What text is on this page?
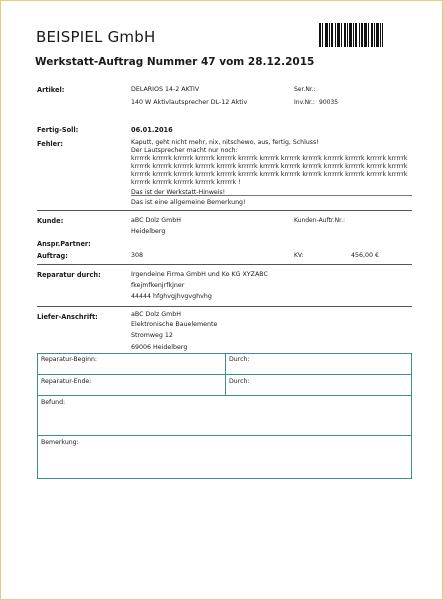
BEISPIEL GmbH
Werkstatt-Auftrag Nummer 47 vom 28.12.2015
Artikel:	DELARIOS 14-2 AKTIV
140 W Aktivlautsprecher DL-12 Aktiv
Ser.Nr.:
Inv.Nr.: 90035
Fertig-Soll:	06.01.2016
Fehler:	Kaputt, geht nicht mehr, nix, nitschewo, aus, fertig, Schluss!
Der Lautsprecher macht nur noch:
krrrrrk krrrrrk krrrrrk krrrrrk krrrrrk krrrrrk krrrrrk krrrrrk krrrrrk krrrrrk krrrrrk krrrrrk krrrrrk
krrrrrk krrrrrk krrrrrk krrrrrk krrrrrk krrrrrk krrrrrk krrrrrk krrrrrk krrrrrk krrrrrk krrrrrk krrrrrk
krrrrrk krrrrrk krrrrrk krrrrrk krrrrrk krrrrrk krrrrrk krrrrrk krrrrrk krrrrrk krrrrrk krrrrrk krrrrrk
krrrrrk krrrrrk krrrrrk krrrrrk krrrrrk !
Das ist der Werkstatt-Hinweis!
Das ist eine allgemeine Bemerkung!
Kunde:	aBC Dolz GmbH
Heidelberg
Kunden-Auftr.Nr.:
Anspr.Partner:
Auftrag:	308	KV:	456,00 €
Reparatur durch:	Irgendeine Firma GmbH und Ko KG XYZABC
fkejmfkenjrfkjner
44444 hfghvgjhvgvghvhg
Liefer-Anschrift:	aBC Dolz GmbH
Elektronische Bauelemente
Stromweg 12
69006 Heidelberg
Reparatur-Beginn:	Durch:
Reparatur-Ende:	Durch:
Befund:
Bemerkung:
